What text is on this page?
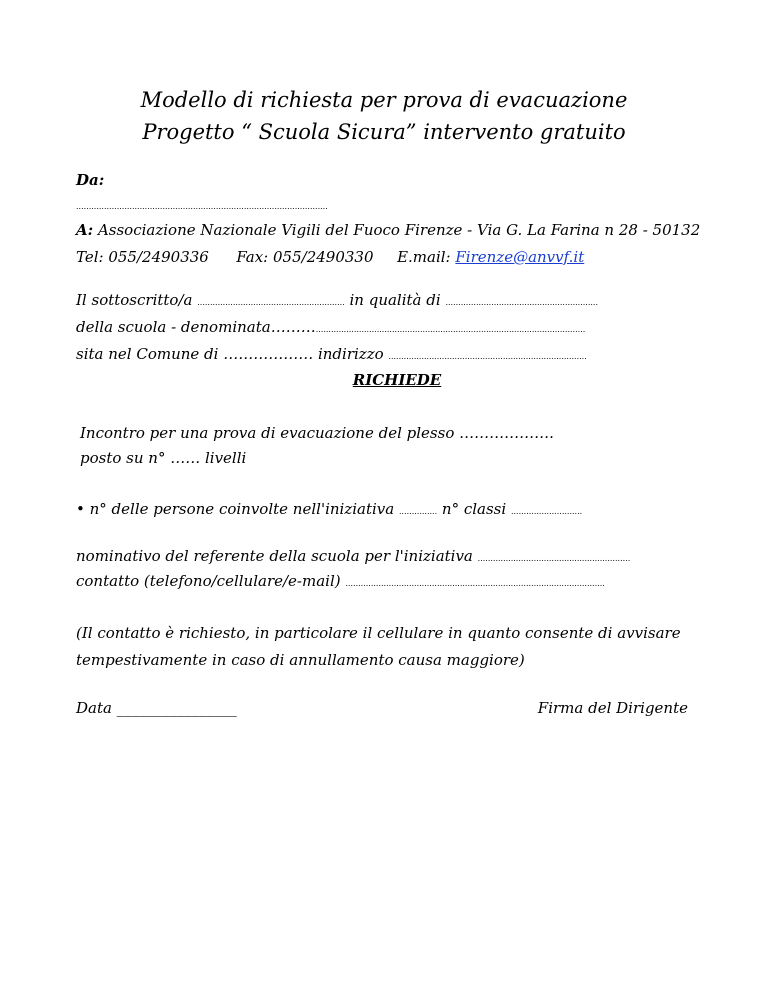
Modello di richiesta per prova di evacuazione
Progetto “ Scuola Sicura” intervento gratuito
Da:
...................................................................................................
A: Associazione Nazionale Vigili del Fuoco Firenze - Via G. La Farina n 28 - 50132
Tel: 055/2490336 Fax: 055/2490330 E.mail: Firenze@anvvf.it
Il sottoscritto/a .......................................................... in qualità di ............................................................
della scuola - denominata………..........................................................................................................
sita nel Comune di ……………… indirizzo ..............................................................................
RICHIEDE
Incontro per una prova di evacuazione del plesso ……………….
posto su n° …… livelli
• n° delle persone coinvolte nell'iniziativa ............... n° classi ............................
nominativo del referente della scuola per l'iniziativa ............................................................
contatto (telefono/cellulare/e-mail) ......................................................................................................
(Il contatto è richiesto, in particolare il cellulare in quanto consente di avvisare
tempestivamente in caso di annullamento causa maggiore)
Data ________________	Firma del Dirigente
